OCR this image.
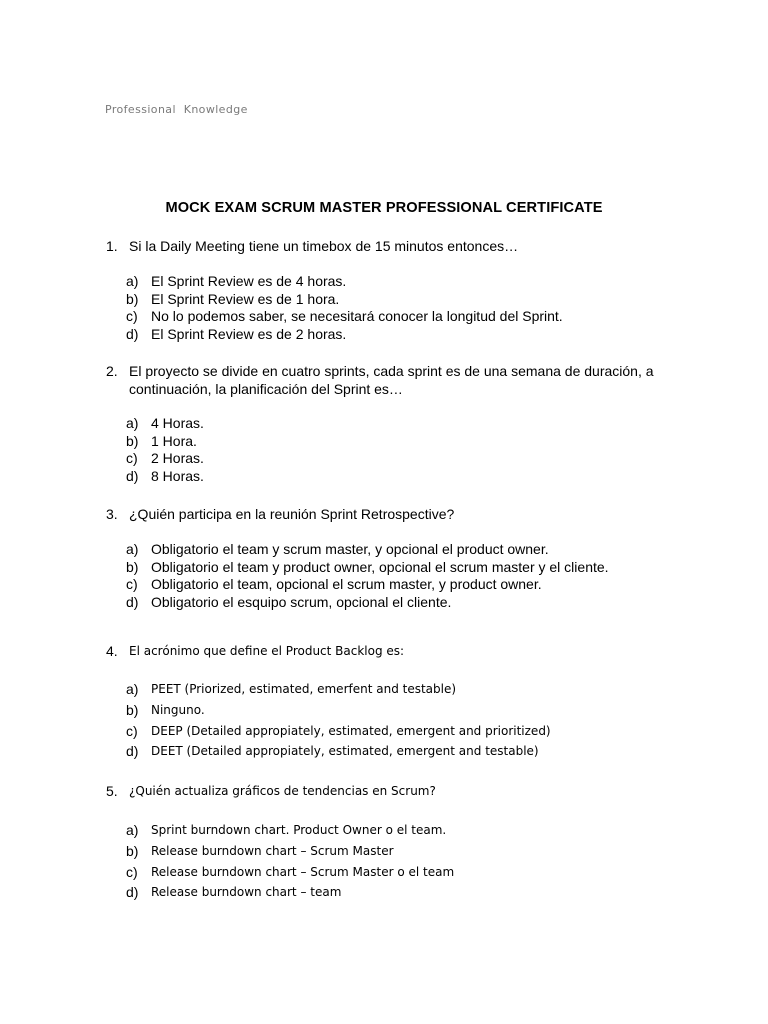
Professional  Knowledge
MOCK EXAM SCRUM MASTER PROFESSIONAL CERTIFICATE
1. Si la Daily Meeting tiene un timebox de 15 minutos entonces…
a) El Sprint Review es de 4 horas.
b) El Sprint Review es de 1 hora.
c) No lo podemos saber, se necesitará conocer la longitud del Sprint.
d) El Sprint Review es de 2 horas.
2. El proyecto se divide en cuatro sprints, cada sprint es de una semana de duración, a continuación, la planificación del Sprint es…
a) 4 Horas.
b) 1 Hora.
c) 2 Horas.
d) 8 Horas.
3. ¿Quién participa en la reunión Sprint Retrospective?
a) Obligatorio el team y scrum master, y opcional el product owner.
b) Obligatorio el team y product owner, opcional el scrum master y el cliente.
c) Obligatorio el team, opcional el scrum master, y product owner.
d) Obligatorio el esquipo scrum, opcional el cliente.
4. El acrónimo que define el Product Backlog es:
a)	PEET (Priorized, estimated, emerfent and testable)
b)	Ninguno.
c)	DEEP (Detailed appropiately, estimated, emergent and prioritized)
d)	DEET (Detailed appropiately, estimated, emergent and testable)
5. ¿Quién actualiza gráficos de tendencias en Scrum?
a)	Sprint burndown chart. Product Owner o el team.
b)	Release burndown chart – Scrum Master
c)	Release burndown chart – Scrum Master o el team
d)	Release burndown chart – team
